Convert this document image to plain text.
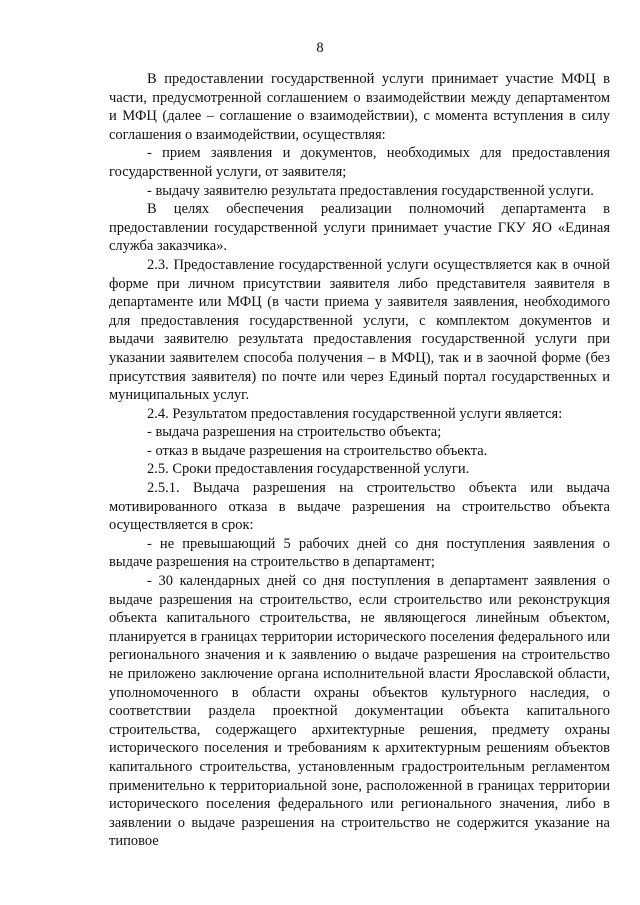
8

В предоставлении государственной услуги принимает участие МФЦ в части, предусмотренной соглашением о взаимодействии между департаментом и МФЦ (далее – соглашение о взаимодействии), с момента вступления в силу соглашения о взаимодействии, осуществляя:

- прием заявления и документов, необходимых для предоставления государственной услуги, от заявителя;

- выдачу заявителю результата предоставления государственной услуги.

В целях обеспечения реализации полномочий департамента в предоставлении государственной услуги принимает участие ГКУ ЯО «Единая служба заказчика».

2.3. Предоставление государственной услуги осуществляется как в очной форме при личном присутствии заявителя либо представителя заявителя в департаменте или МФЦ (в части приема у заявителя заявления, необходимого для предоставления государственной услуги, с комплектом документов и выдачи заявителю результата предоставления государственной услуги при указании заявителем способа получения – в МФЦ), так и в заочной форме (без присутствия заявителя) по почте или через Единый портал государственных и муниципальных услуг.

2.4. Результатом предоставления государственной услуги является:

- выдача разрешения на строительство объекта;

- отказ в выдаче разрешения на строительство объекта.

2.5. Сроки предоставления государственной услуги.

2.5.1. Выдача разрешения на строительство объекта или выдача мотивированного отказа в выдаче разрешения на строительство объекта осуществляется в срок:

- не превышающий 5 рабочих дней со дня поступления заявления о выдаче разрешения на строительство в департамент;

- 30 календарных дней со дня поступления в департамент заявления о выдаче разрешения на строительство, если строительство или реконструкция объекта капитального строительства, не являющегося линейным объектом, планируется в границах территории исторического поселения федерального или регионального значения и к заявлению о выдаче разрешения на строительство не приложено заключение органа исполнительной власти Ярославской области, уполномоченного в области охраны объектов культурного наследия, о соответствии раздела проектной документации объекта капитального строительства, содержащего архитектурные решения, предмету охраны исторического поселения и требованиям к архитектурным решениям объектов капитального строительства, установленным градостроительным регламентом применительно к территориальной зоне, расположенной в границах территории исторического поселения федерального или регионального значения, либо в заявлении о выдаче разрешения на строительство не содержится указание на типовое
